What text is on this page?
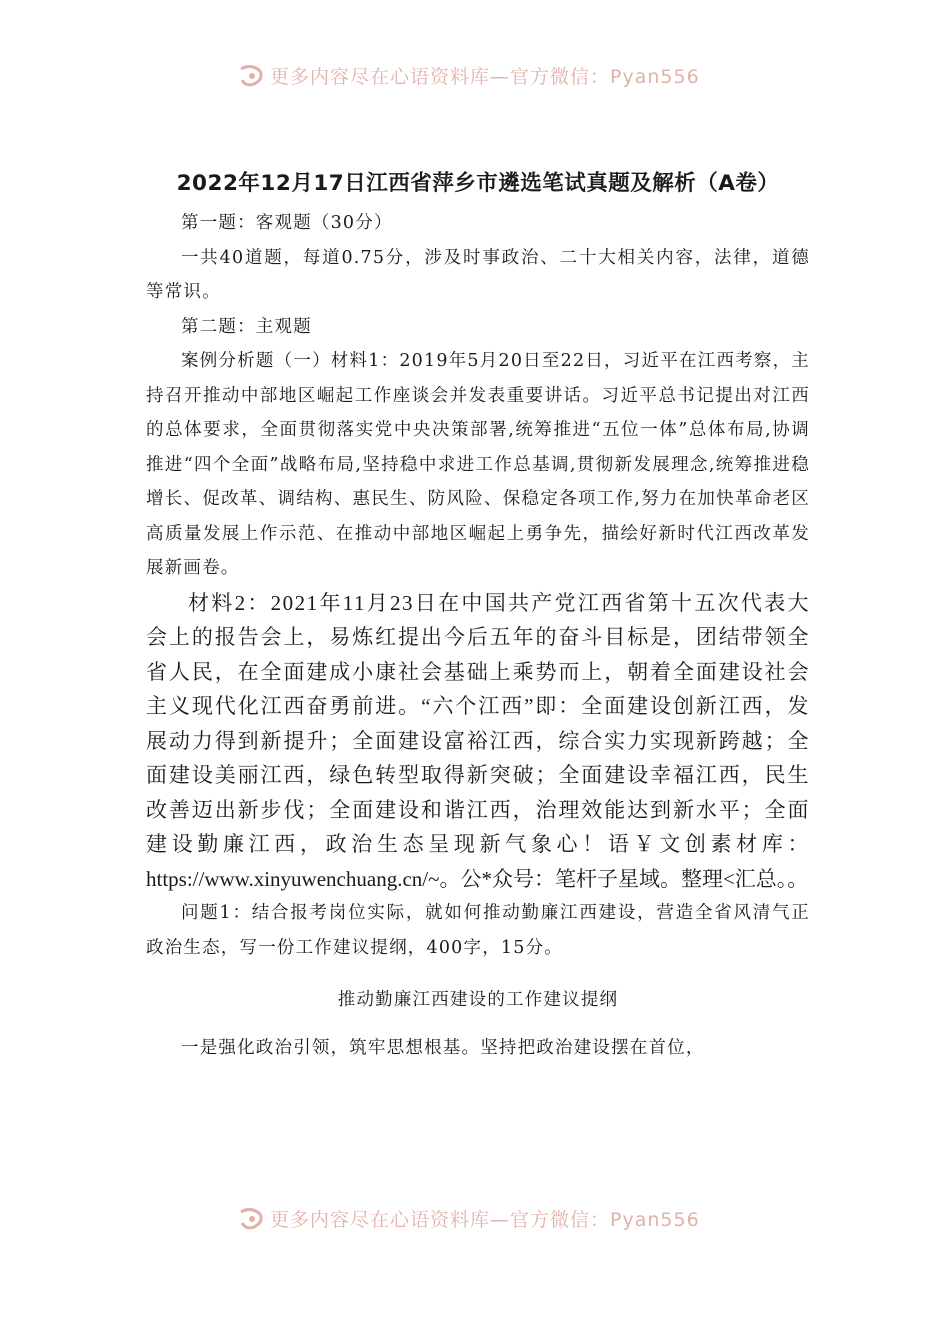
更多内容尽在心语资料库—官方微信：Pyan556
2022年12月17日江西省萍乡市遴选笔试真题及解析（A卷）

第一题：客观题（30分）

一共40道题，每道0.75分，涉及时事政治、二十大相关内容，法律，道德等常识。

第二题：主观题

案例分析题（一）材料1：2019年5月20日至22日，习近平在江西考察，主持召开推动中部地区崛起工作座谈会并发表重要讲话。习近平总书记提出对江西的总体要求，全面贯彻落实党中央决策部署,统筹推进“五位一体”总体布局,协调推进“四个全面”战略布局,坚持稳中求进工作总基调,贯彻新发展理念,统筹推进稳增长、促改革、调结构、惠民生、防风险、保稳定各项工作,努力在加快革命老区高质量发展上作示范、在推动中部地区崛起上勇争先，描绘好新时代江西改革发展新画卷。

材料2：2021年11月23日在中国共产党江西省第十五次代表大会上的报告会上，易炼红提出今后五年的奋斗目标是，团结带领全省人民，在全面建成小康社会基础上乘势而上，朝着全面建设社会主义现代化江西奋勇前进。“六个江西”即：全面建设创新江西，发展动力得到新提升；全面建设富裕江西，综合实力实现新跨越；全面建设美丽江西，绿色转型取得新突破；全面建设幸福江西，民生改善迈出新步伐；全面建设和谐江西，治理效能达到新水平；全面建设勤廉江西，政治生态呈现新气象心！语￥文创素材库：https://www.xinyuwenchuang.cn/~。公*众号：笔杆子星域。整理<汇总。。

问题1：结合报考岗位实际，就如何推动勤廉江西建设，营造全省风清气正政治生态，写一份工作建议提纲，400字，15分。

推动勤廉江西建设的工作建议提纲

一是强化政治引领，筑牢思想根基。坚持把政治建设摆在首位，

更多内容尽在心语资料库—官方微信：Pyan556
